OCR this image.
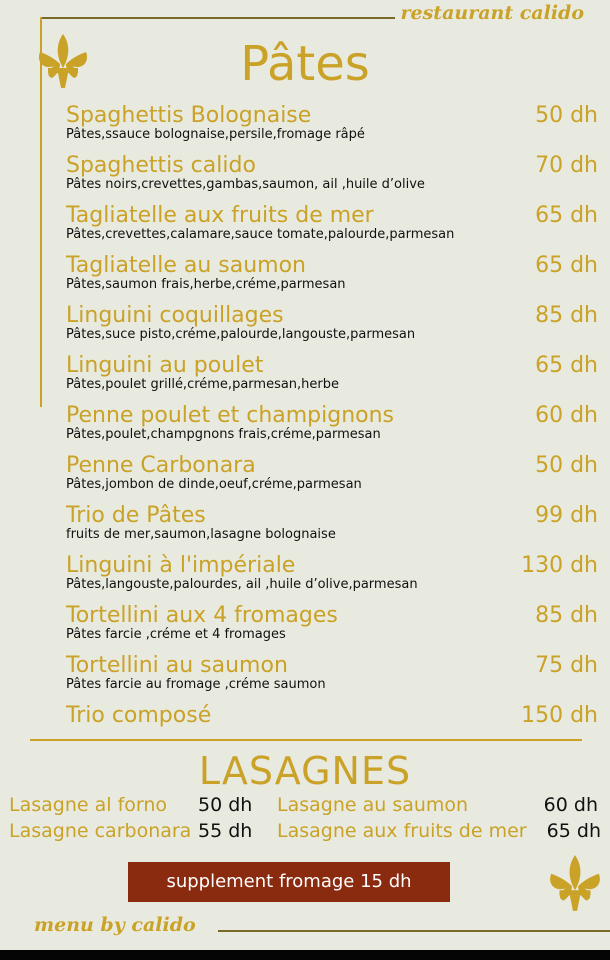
restaurant calido
Pâtes
Spaghettis Bolognaise
Pâtes,ssauce bolognaise,persile,fromage râpé
50 dh
Spaghettis calido
Pâtes noirs,crevettes,gambas,saumon, ail ,huile d’olive
70 dh
Tagliatelle aux fruits de mer
Pâtes,crevettes,calamare,sauce tomate,palourde,parmesan
65 dh
Tagliatelle au saumon
Pâtes,saumon frais,herbe,créme,parmesan
65 dh
Linguini coquillages
Pâtes,suce pisto,créme,palourde,langouste,parmesan
85 dh
Linguini au poulet
Pâtes,poulet grillé,créme,parmesan,herbe
65 dh
Penne poulet et champignons
Pâtes,poulet,champgnons frais,créme,parmesan
60 dh
Penne Carbonara
Pâtes,jombon de dinde,oeuf,créme,parmesan
50 dh
Trio de Pâtes
fruits de mer,saumon,lasagne bolognaise
99 dh
Linguini à l'impériale
Pâtes,langouste,palourdes, ail ,huile d’olive,parmesan
130 dh
Tortellini aux 4 fromages
Pâtes farcie ,créme et 4 fromages
85 dh
Tortellini au saumon
Pâtes farcie au fromage ,créme saumon
75 dh
Trio composé	150 dh
LASAGNES
Lasagne al forno 50 dh Lasagne au saumon	60 dh
Lasagne carbonara 55 dh Lasagne aux fruits de mer 65 dh
supplement fromage 15 dh
menu by calido
